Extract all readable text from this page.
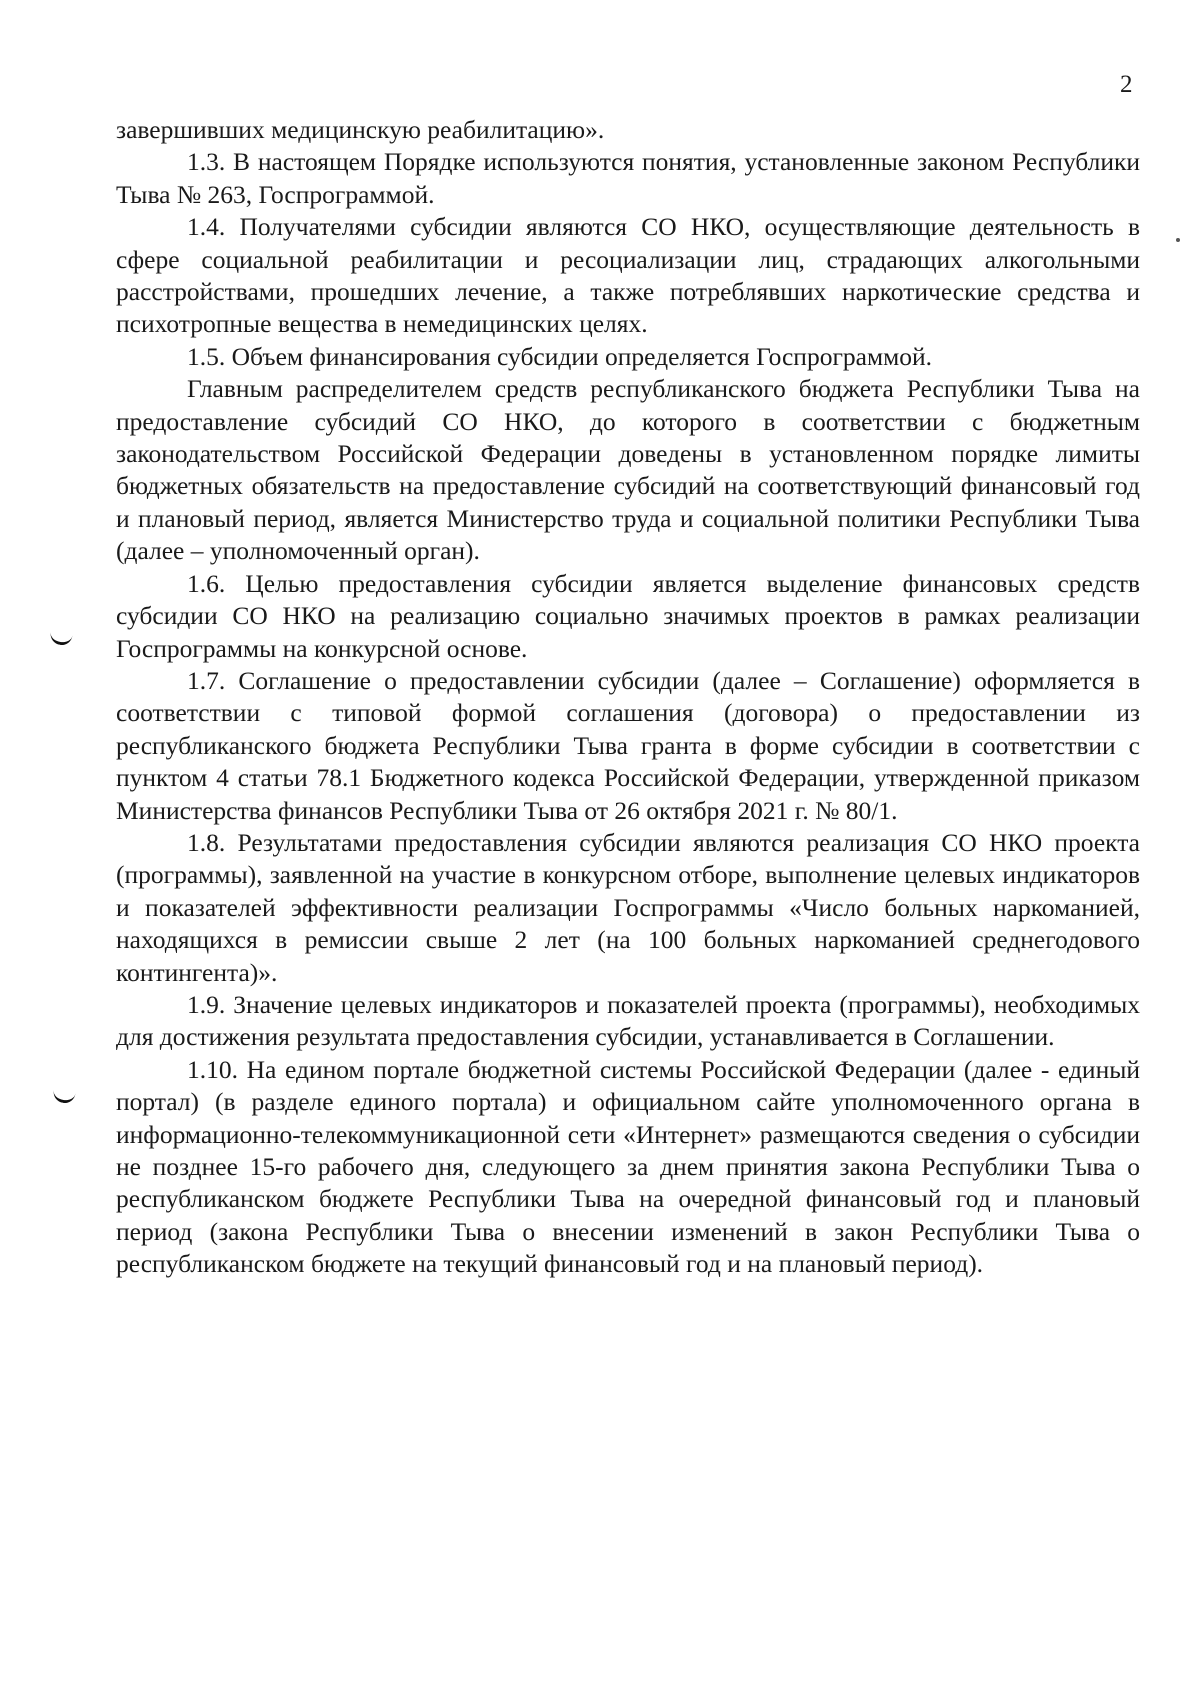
2

завершивших медицинскую реабилитацию».

1.3. В настоящем Порядке используются понятия, установленные законом Республики Тыва № 263, Госпрограммой.

1.4. Получателями субсидии являются СО НКО, осуществляющие деятельность в сфере социальной реабилитации и ресоциализации лиц, страдающих алкогольными расстройствами, прошедших лечение, а также потреблявших наркотические средства и психотропные вещества в немедицинских целях.

1.5. Объем финансирования субсидии определяется Госпрограммой.

Главным распределителем средств республиканского бюджета Республики Тыва на предоставление субсидий СО НКО, до которого в соответствии с бюджетным законодательством Российской Федерации доведены в установленном порядке лимиты бюджетных обязательств на предоставление субсидий на соответствующий финансовый год и плановый период, является Министерство труда и социальной политики Республики Тыва (далее – уполномоченный орган).

1.6. Целью предоставления субсидии является выделение финансовых средств субсидии СО НКО на реализацию социально значимых проектов в рамках реализации Госпрограммы на конкурсной основе.

1.7. Соглашение о предоставлении субсидии (далее – Соглашение) оформляется в соответствии с типовой формой соглашения (договора) о предоставлении из республиканского бюджета Республики Тыва гранта в форме субсидии в соответствии с пунктом 4 статьи 78.1 Бюджетного кодекса Российской Федерации, утвержденной приказом Министерства финансов Республики Тыва от 26 октября 2021 г. № 80/1.

1.8. Результатами предоставления субсидии являются реализация СО НКО проекта (программы), заявленной на участие в конкурсном отборе, выполнение целевых индикаторов и показателей эффективности реализации Госпрограммы «Число больных наркоманией, находящихся в ремиссии свыше 2 лет (на 100 больных наркоманией среднегодового контингента)».

1.9. Значение целевых индикаторов и показателей проекта (программы), необходимых для достижения результата предоставления субсидии, устанавливается в Соглашении.

1.10. На едином портале бюджетной системы Российской Федерации (далее - единый портал) (в разделе единого портала) и официальном сайте уполномоченного органа в информационно-телекоммуникационной сети «Интернет» размещаются сведения о субсидии не позднее 15-го рабочего дня, следующего за днем принятия закона Республики Тыва о республиканском бюджете Республики Тыва на очередной финансовый год и плановый период (закона Республики Тыва о внесении изменений в закон Республики Тыва о республиканском бюджете на текущий финансовый год и на плановый период).
